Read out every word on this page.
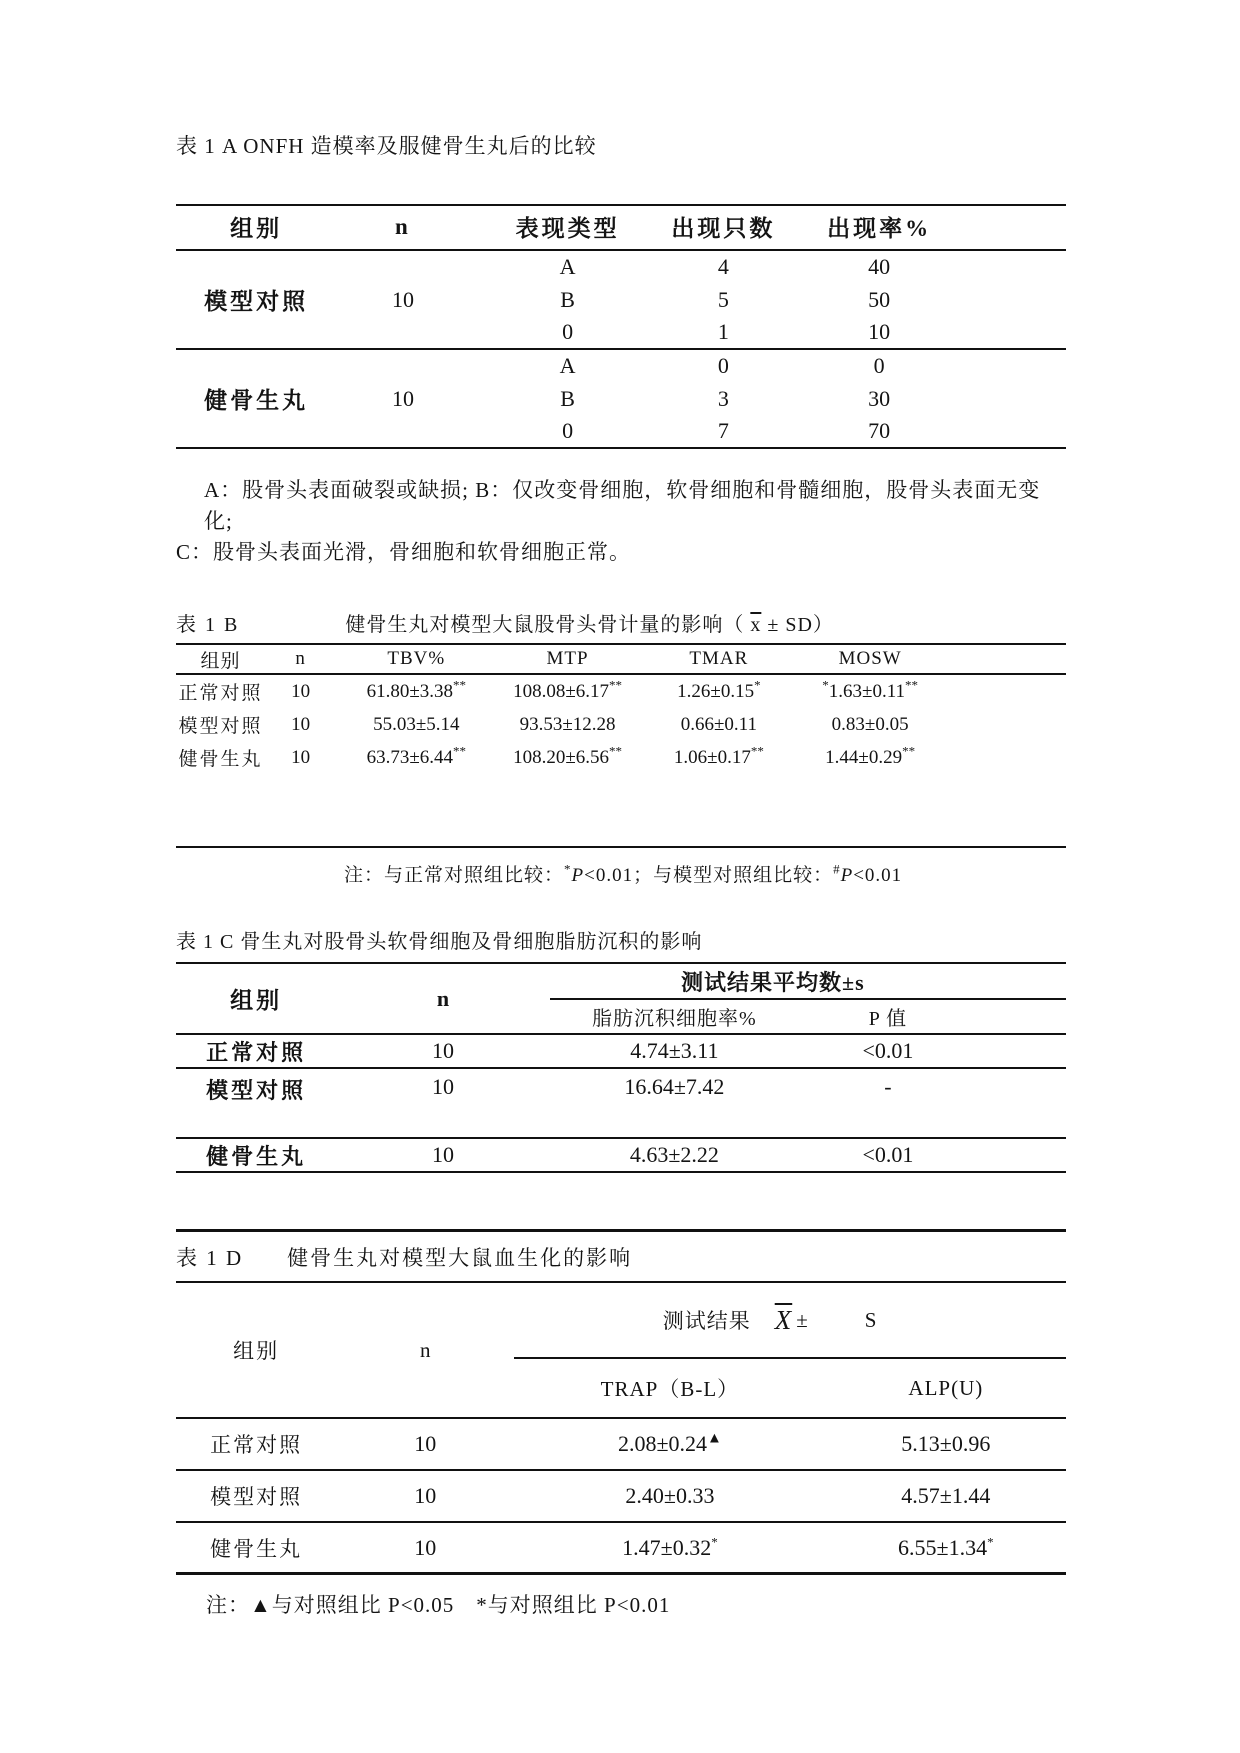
表 1 A ONFH 造模率及服健骨生丸后的比较
组别	n	表现类型	出现只数	出现率%	
模型对照	10	A	4	40	
		B	5	50	
		0	1	10	
健骨生丸	10	A	0	0	
		B	3	30	
		0	7	70	
A：股骨头表面破裂或缺损; B：仅改变骨细胞，软骨细胞和骨髓细胞，股骨头表面无变化;
C：股骨头表面光滑，骨细胞和软骨细胞正常。
表 1 B	健骨生丸对模型大鼠股骨头骨计量的影响（ $\overline{x} \pm SD$）
组别	n	TBV%	MTP	TMAR	MOSW
正常对照	10	61.80±3.38**	108.08±6.17**	1.26±0.15*	*1.63±0.11**
模型对照	10	55.03±5.14	93.53±12.28	0.66±0.11	0.83±0.05
健骨生丸	10	63.73±6.44**	108.20±6.56**	1.06±0.17**	1.44±0.29**
注：与正常对照组比较：*P<0.01；与模型对照组比较：#P<0.01
表 1 C 骨生丸对股骨头软骨细胞及骨细胞脂肪沉积的影响
组别	n
测试结果平均数±s
脂肪沉积细胞率%	P 值
正常对照	10	4.74±3.11	<0.01
模型对照	10	16.64±7.42	-
健骨生丸	10	4.63±2.22	<0.01
表 1 D 健骨生丸对模型大鼠血生化的影响
组别	n
测试结果 $\overline{X}$ ±	S
TRAP（B-L）	ALP(U)
正常对照	10	2.08±0.24▲	5.13±0.96
模型对照	10	2.40±0.33	4.57±1.44
健骨生丸	10	1.47±0.32*	6.55±1.34*
注：▲与对照组比 P<0.05　*与对照组比 P<0.01
